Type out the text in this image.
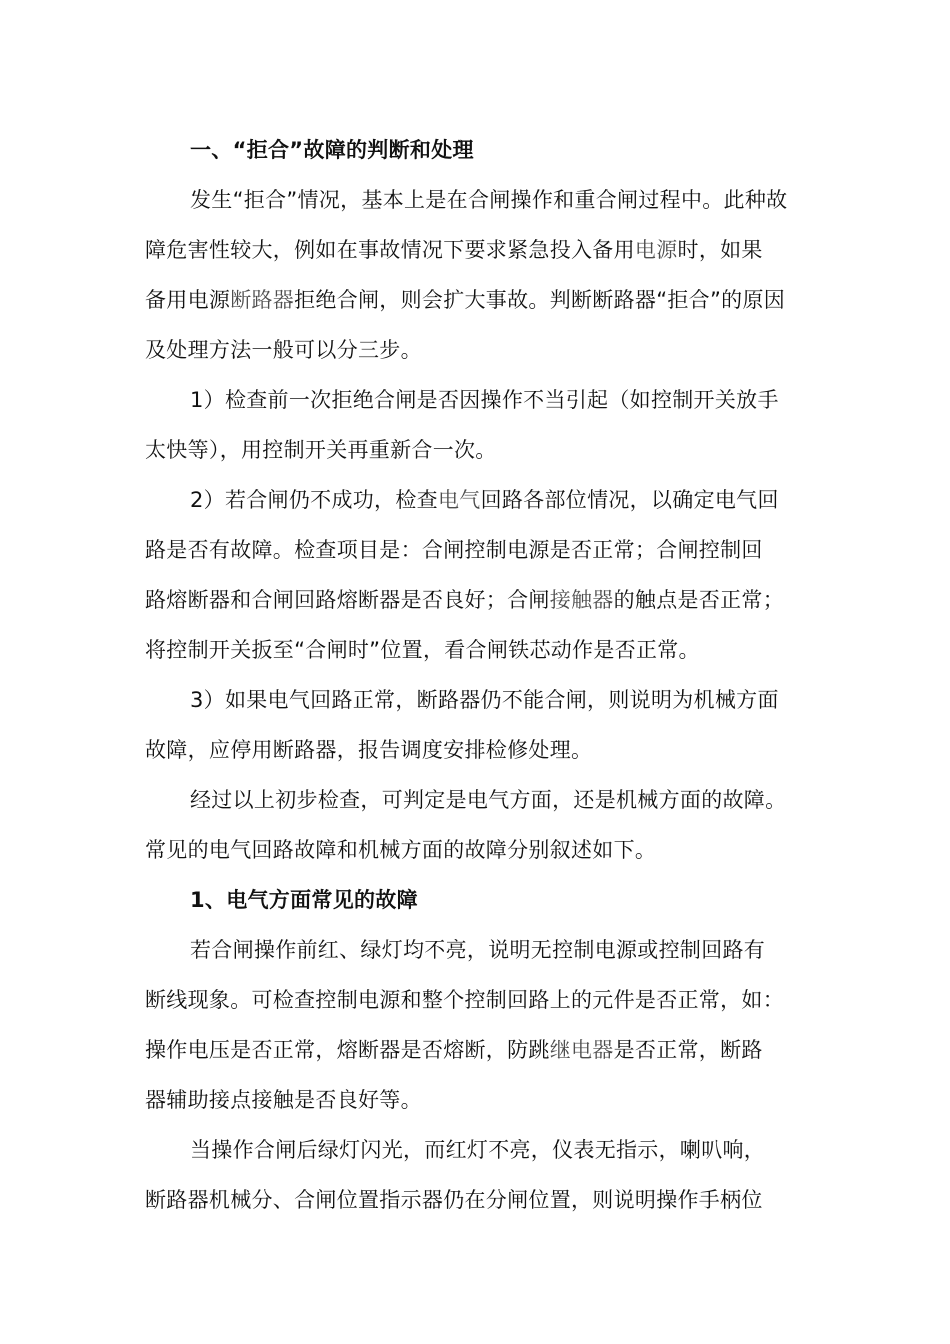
一、“拒合”故障的判断和处理
发生“拒合”情况，基本上是在合闸操作和重合闸过程中。此种故
障危害性较大，例如在事故情况下要求紧急投入备用电源时，如果
备用电源断路器拒绝合闸，则会扩大事故。判断断路器“拒合”的原因
及处理方法一般可以分三步。
1）检查前一次拒绝合闸是否因操作不当引起（如控制开关放手
太快等），用控制开关再重新合一次。
2）若合闸仍不成功，检查电气回路各部位情况，以确定电气回
路是否有故障。检查项目是：合闸控制电源是否正常；合闸控制回
路熔断器和合闸回路熔断器是否良好；合闸接触器的触点是否正常；
将控制开关扳至“合闸时”位置，看合闸铁芯动作是否正常。
3）如果电气回路正常，断路器仍不能合闸，则说明为机械方面
故障，应停用断路器，报告调度安排检修处理。
经过以上初步检查，可判定是电气方面，还是机械方面的故障。
常见的电气回路故障和机械方面的故障分别叙述如下。
1、电气方面常见的故障
若合闸操作前红、绿灯均不亮，说明无控制电源或控制回路有
断线现象。可检查控制电源和整个控制回路上的元件是否正常，如：
操作电压是否正常，熔断器是否熔断，防跳继电器是否正常，断路
器辅助接点接触是否良好等。
当操作合闸后绿灯闪光，而红灯不亮，仪表无指示，喇叭响，
断路器机械分、合闸位置指示器仍在分闸位置，则说明操作手柄位
